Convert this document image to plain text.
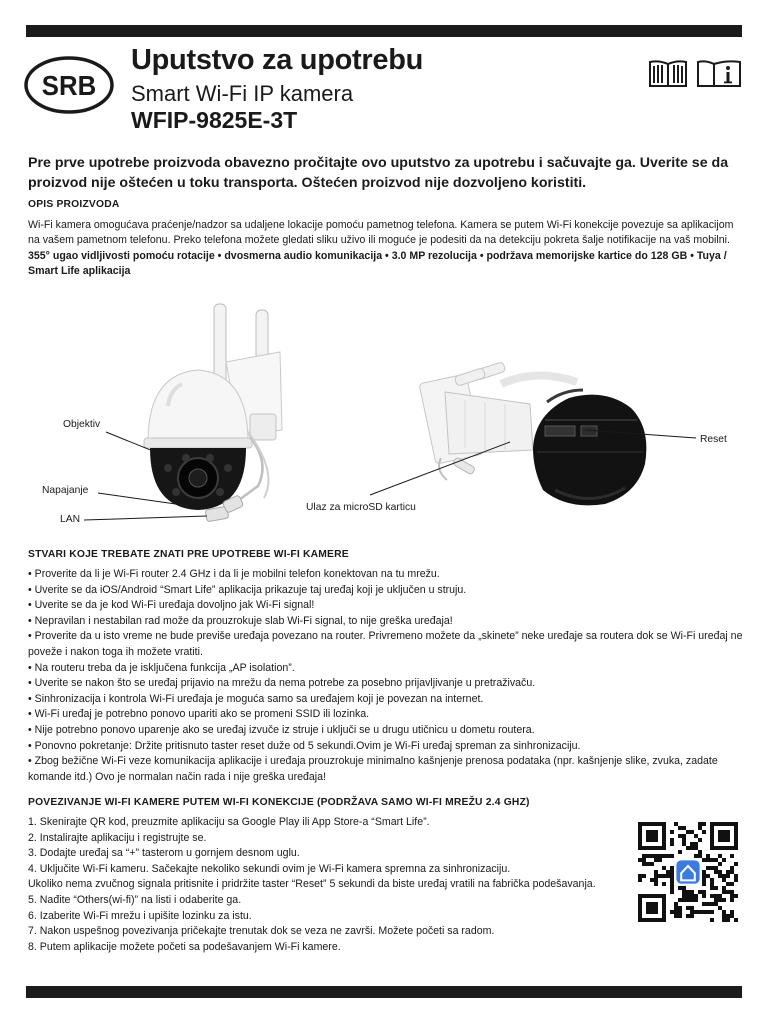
SRB
Uputstvo za upotrebu
Smart Wi-Fi IP kamera
WFIP-9825E-3T
Pre prve upotrebe proizvoda obavezno pročitajte ovo uputstvo za upotrebu i sačuvajte ga. Uverite se da proizvod nije oštećen u toku transporta. Oštećen proizvod nije dozvoljeno koristiti.
OPIS PROIZVODA
Wi-Fi kamera omogućava praćenje/nadzor sa udaljene lokacije pomoću pametnog telefona. Kamera se putem Wi-Fi konekcije povezuje sa aplikacijom na vašem pametnom telefonu. Preko telefona možete gledati sliku uživo ili moguće je podesiti da na detekciju pokreta šalje notifikacije na vaš mobilni.
355° ugao vidljivosti pomoću rotacije • dvosmerna audio komunikacija • 3.0 MP rezolucija • podržava memorijske kartice do 128 GB • Tuya / Smart Life aplikacija
Objektiv
Napajanje
LAN
Ulaz za microSD karticu
Reset
STVARI KOJE TREBATE ZNATI PRE UPOTREBE WI-FI KAMERE
• Proverite da li je Wi-Fi router 2.4 GHz i da li je mobilni telefon konektovan na tu mrežu.
• Uverite se da iOS/Android “Smart Life” aplikacija prikazuje taj uređaj koji je uključen u struju.
• Uverite se da je kod Wi-Fi uređaja dovoljno jak Wi-Fi signal!
• Nepravilan i nestabilan rad može da prouzrokuje slab Wi-Fi signal, to nije greška uređaja!
• Proverite da u isto vreme ne bude previše uređaja povezano na router. Privremeno možete da „skinete” neke uređaje sa routera dok se Wi-Fi uređaj ne poveže i nakon toga ih možete vratiti.
• Na routeru treba da je isključena funkcija „AP isolation”.
• Uverite se nakon što se uređaj prijavio na mrežu da nema potrebe za posebno prijavljivanje u pretraživaču.
• Sinhronizacija i kontrola Wi-Fi uređaja je moguća samo sa uređajem koji je povezan na internet.
• Wi-Fi uređaj je potrebno ponovo upariti ako se promeni SSID ili lozinka.
• Nije potrebno ponovo uparenje ako se uređaj izvuče iz struje i uključi se u drugu utičnicu u dometu routera.
• Ponovno pokretanje: Držite pritisnuto taster reset duže od 5 sekundi.Ovim je Wi-Fi uređaj spreman za sinhronizaciju.
• Zbog bežične Wi-Fi veze komunikacija aplikacije i uređaja prouzrokuje minimalno kašnjenje prenosa podataka (npr. kašnjenje slike, zvuka, zadate komande itd.) Ovo je normalan način rada i nije greška uređaja!
POVEZIVANJE WI-FI KAMERE PUTEM WI-FI KONEKCIJE (PODRŽAVA SAMO WI-FI MREŽU 2.4 GHZ)
1. Skenirajte QR kod, preuzmite aplikaciju sa Google Play ili App Store-a “Smart Life”.
2. Instalirajte aplikaciju i registrujte se.
3. Dodajte uređaj sa “+” tasterom u gornjem desnom uglu.
4. Uključite Wi-Fi kameru. Sačekajte nekoliko sekundi ovim je Wi-Fi kamera spremna za sinhronizaciju.
Ukoliko nema zvučnog signala pritisnite i pridržite taster “Reset” 5 sekundi da biste uređaj vratili na fabrička podešavanja.
5. Nađite “Others(wi-fi)” na listi i odaberite ga.
6. Izaberite Wi-Fi mrežu i upišite lozinku za istu.
7. Nakon uspešnog povezivanja pričekajte trenutak dok se veza ne završi. Možete početi sa radom.
8. Putem aplikacije možete početi sa podešavanjem Wi-Fi kamere.
